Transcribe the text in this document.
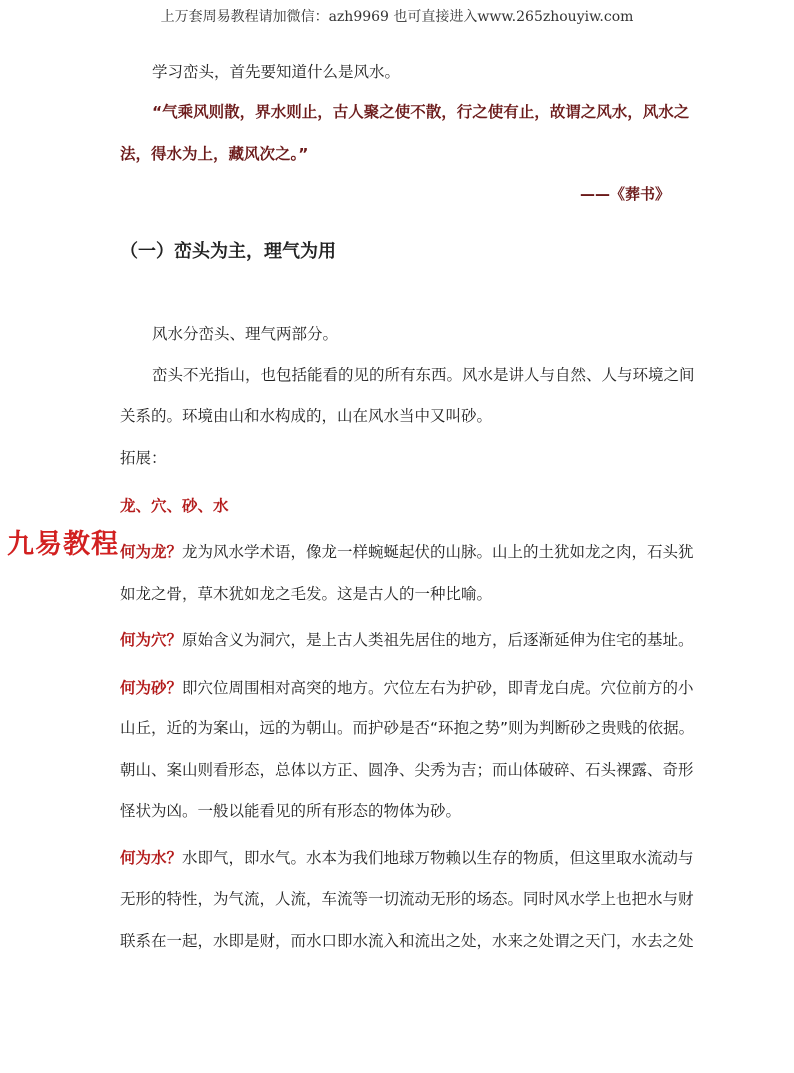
上万套周易教程请加微信：azh9969 也可直接进入www.265zhouyiw.com
学习峦头，首先要知道什么是风水。
“气乘风则散，界水则止，古人聚之使不散，行之使有止，故谓之风水，风水之
法，得水为上，藏风次之。”
——《葬书》
（一）峦头为主，理气为用
风水分峦头、理气两部分。
峦头不光指山，也包括能看的见的所有东西。风水是讲人与自然、人与环境之间
关系的。环境由山和水构成的，山在风水当中又叫砂。
拓展：
龙、穴、砂、水
何为龙？龙为风水学术语，像龙一样蜿蜒起伏的山脉。山上的土犹如龙之肉，石头犹
如龙之骨，草木犹如龙之毛发。这是古人的一种比喻。
何为穴？原始含义为洞穴，是上古人类祖先居住的地方，后逐渐延伸为住宅的基址。
何为砂？即穴位周围相对高突的地方。穴位左右为护砂，即青龙白虎。穴位前方的小
山丘，近的为案山，远的为朝山。而护砂是否“环抱之势”则为判断砂之贵贱的依据。
朝山、案山则看形态，总体以方正、圆净、尖秀为吉；而山体破碎、石头裸露、奇形
怪状为凶。一般以能看见的所有形态的物体为砂。
何为水？水即气，即水气。水本为我们地球万物赖以生存的物质，但这里取水流动与
无形的特性，为气流，人流，车流等一切流动无形的场态。同时风水学上也把水与财
联系在一起，水即是财，而水口即水流入和流出之处，水来之处谓之天门，水去之处
九易教程
